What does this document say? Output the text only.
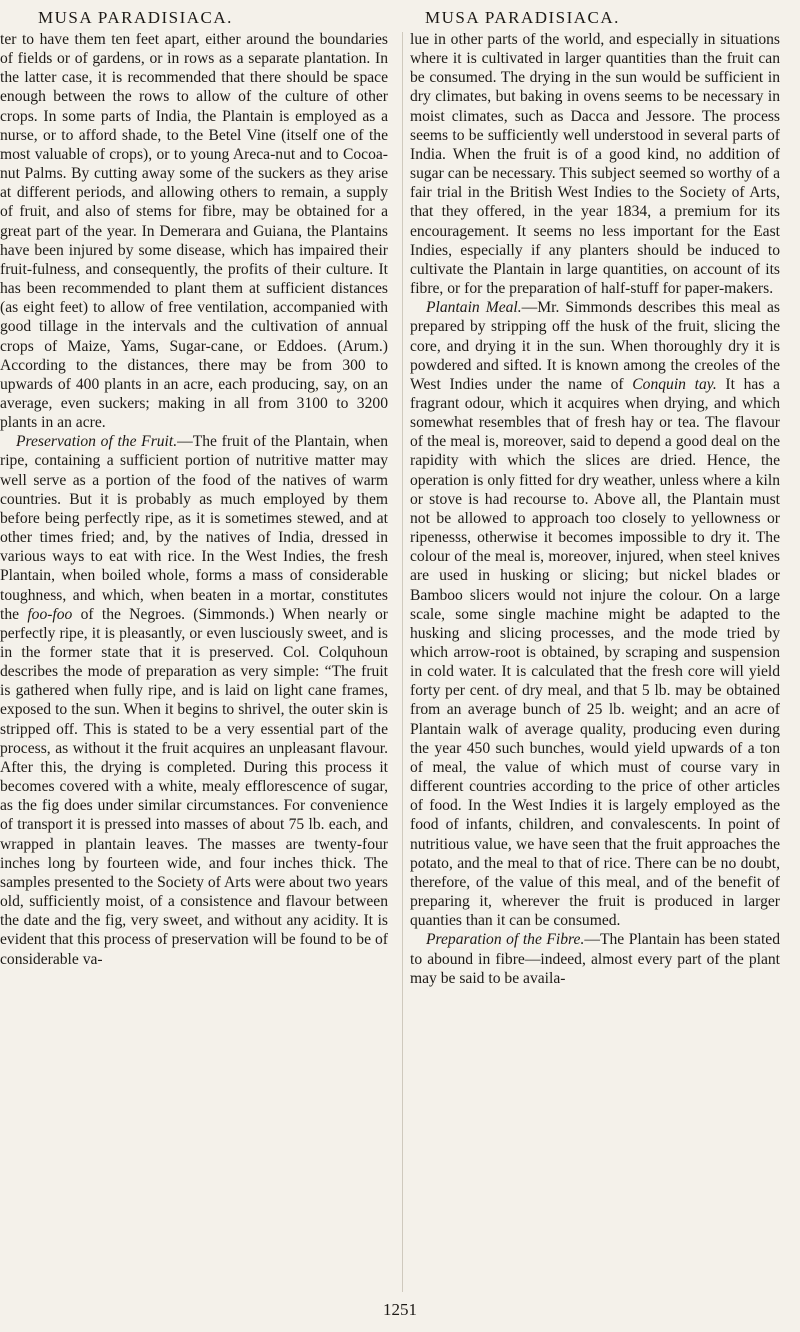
MUSA PARADISIACA.	MUSA PARADISIACA.

ter to have them ten feet apart, either around the boundaries of fields or of gardens, or in rows as a separate plantation. In the latter case, it is recommended that there should be space enough between the rows to allow of the culture of other crops. In some parts of India, the Plantain is employed as a nurse, or to afford shade, to the Betel Vine (itself one of the most valuable of crops), or to young Areca-nut and to Cocoa-nut Palms. By cutting away some of the suckers as they arise at different periods, and allowing others to remain, a supply of fruit, and also of stems for fibre, may be obtained for a great part of the year. In Demerara and Guiana, the Plantains have been injured by some disease, which has impaired their fruit-fulness, and consequently, the profits of their culture. It has been recommended to plant them at sufficient distances (as eight feet) to allow of free ventilation, accompanied with good tillage in the intervals and the cultivation of annual crops of Maize, Yams, Sugar-cane, or Eddoes. (Arum.) According to the distances, there may be from 300 to upwards of 400 plants in an acre, each producing, say, on an average, even suckers; making in all from 3100 to 3200 plants in an acre.

Preservation of the Fruit.—The fruit of the Plantain, when ripe, containing a sufficient portion of nutritive matter may well serve as a portion of the food of the natives of warm countries. But it is probably as much employed by them before being perfectly ripe, as it is sometimes stewed, and at other times fried; and, by the natives of India, dressed in various ways to eat with rice. In the West Indies, the fresh Plantain, when boiled whole, forms a mass of considerable toughness, and which, when beaten in a mortar, constitutes the foo-foo of the Negroes. (Simmonds.) When nearly or perfectly ripe, it is pleasantly, or even lusciously sweet, and is in the former state that it is preserved. Col. Colquhoun describes the mode of preparation as very simple: “The fruit is gathered when fully ripe, and is laid on light cane frames, exposed to the sun. When it begins to shrivel, the outer skin is stripped off. This is stated to be a very essential part of the process, as without it the fruit acquires an unpleasant flavour. After this, the drying is completed. During this process it becomes covered with a white, mealy efflorescence of sugar, as the fig does under similar circumstances. For convenience of transport it is pressed into masses of about 75 lb. each, and wrapped in plantain leaves. The masses are twenty-four inches long by fourteen wide, and four inches thick. The samples presented to the Society of Arts were about two years old, sufficiently moist, of a consistence and flavour between the date and the fig, very sweet, and without any acidity. It is evident that this process of preservation will be found to be of considerable va-

lue in other parts of the world, and especially in situations where it is cultivated in larger quantities than the fruit can be consumed. The drying in the sun would be sufficient in dry climates, but baking in ovens seems to be necessary in moist climates, such as Dacca and Jessore. The process seems to be sufficiently well understood in several parts of India. When the fruit is of a good kind, no addition of sugar can be necessary. This subject seemed so worthy of a fair trial in the British West Indies to the Society of Arts, that they offered, in the year 1834, a premium for its encouragement. It seems no less important for the East Indies, especially if any planters should be induced to cultivate the Plantain in large quantities, on account of its fibre, or for the preparation of half-stuff for paper-makers.

Plantain Meal.—Mr. Simmonds describes this meal as prepared by stripping off the husk of the fruit, slicing the core, and drying it in the sun. When thoroughly dry it is powdered and sifted. It is known among the creoles of the West Indies under the name of Conquin tay. It has a fragrant odour, which it acquires when drying, and which somewhat resembles that of fresh hay or tea. The flavour of the meal is, moreover, said to depend a good deal on the rapidity with which the slices are dried. Hence, the operation is only fitted for dry weather, unless where a kiln or stove is had recourse to. Above all, the Plantain must not be allowed to approach too closely to yellowness or ripenesss, otherwise it becomes impossible to dry it. The colour of the meal is, moreover, injured, when steel knives are used in husking or slicing; but nickel blades or Bamboo slicers would not injure the colour. On a large scale, some single machine might be adapted to the husking and slicing processes, and the mode tried by which arrow-root is obtained, by scraping and suspension in cold water. It is calculated that the fresh core will yield forty per cent. of dry meal, and that 5 lb. may be obtained from an average bunch of 25 lb. weight; and an acre of Plantain walk of average quality, producing even during the year 450 such bunches, would yield upwards of a ton of meal, the value of which must of course vary in different countries according to the price of other articles of food. In the West Indies it is largely employed as the food of infants, children, and convalescents. In point of nutritious value, we have seen that the fruit approaches the potato, and the meal to that of rice. There can be no doubt, therefore, of the value of this meal, and of the benefit of preparing it, wherever the fruit is produced in larger quanties than it can be consumed.

Preparation of the Fibre.—The Plantain has been stated to abound in fibre—indeed, almost every part of the plant may be said to be availa-

1251
